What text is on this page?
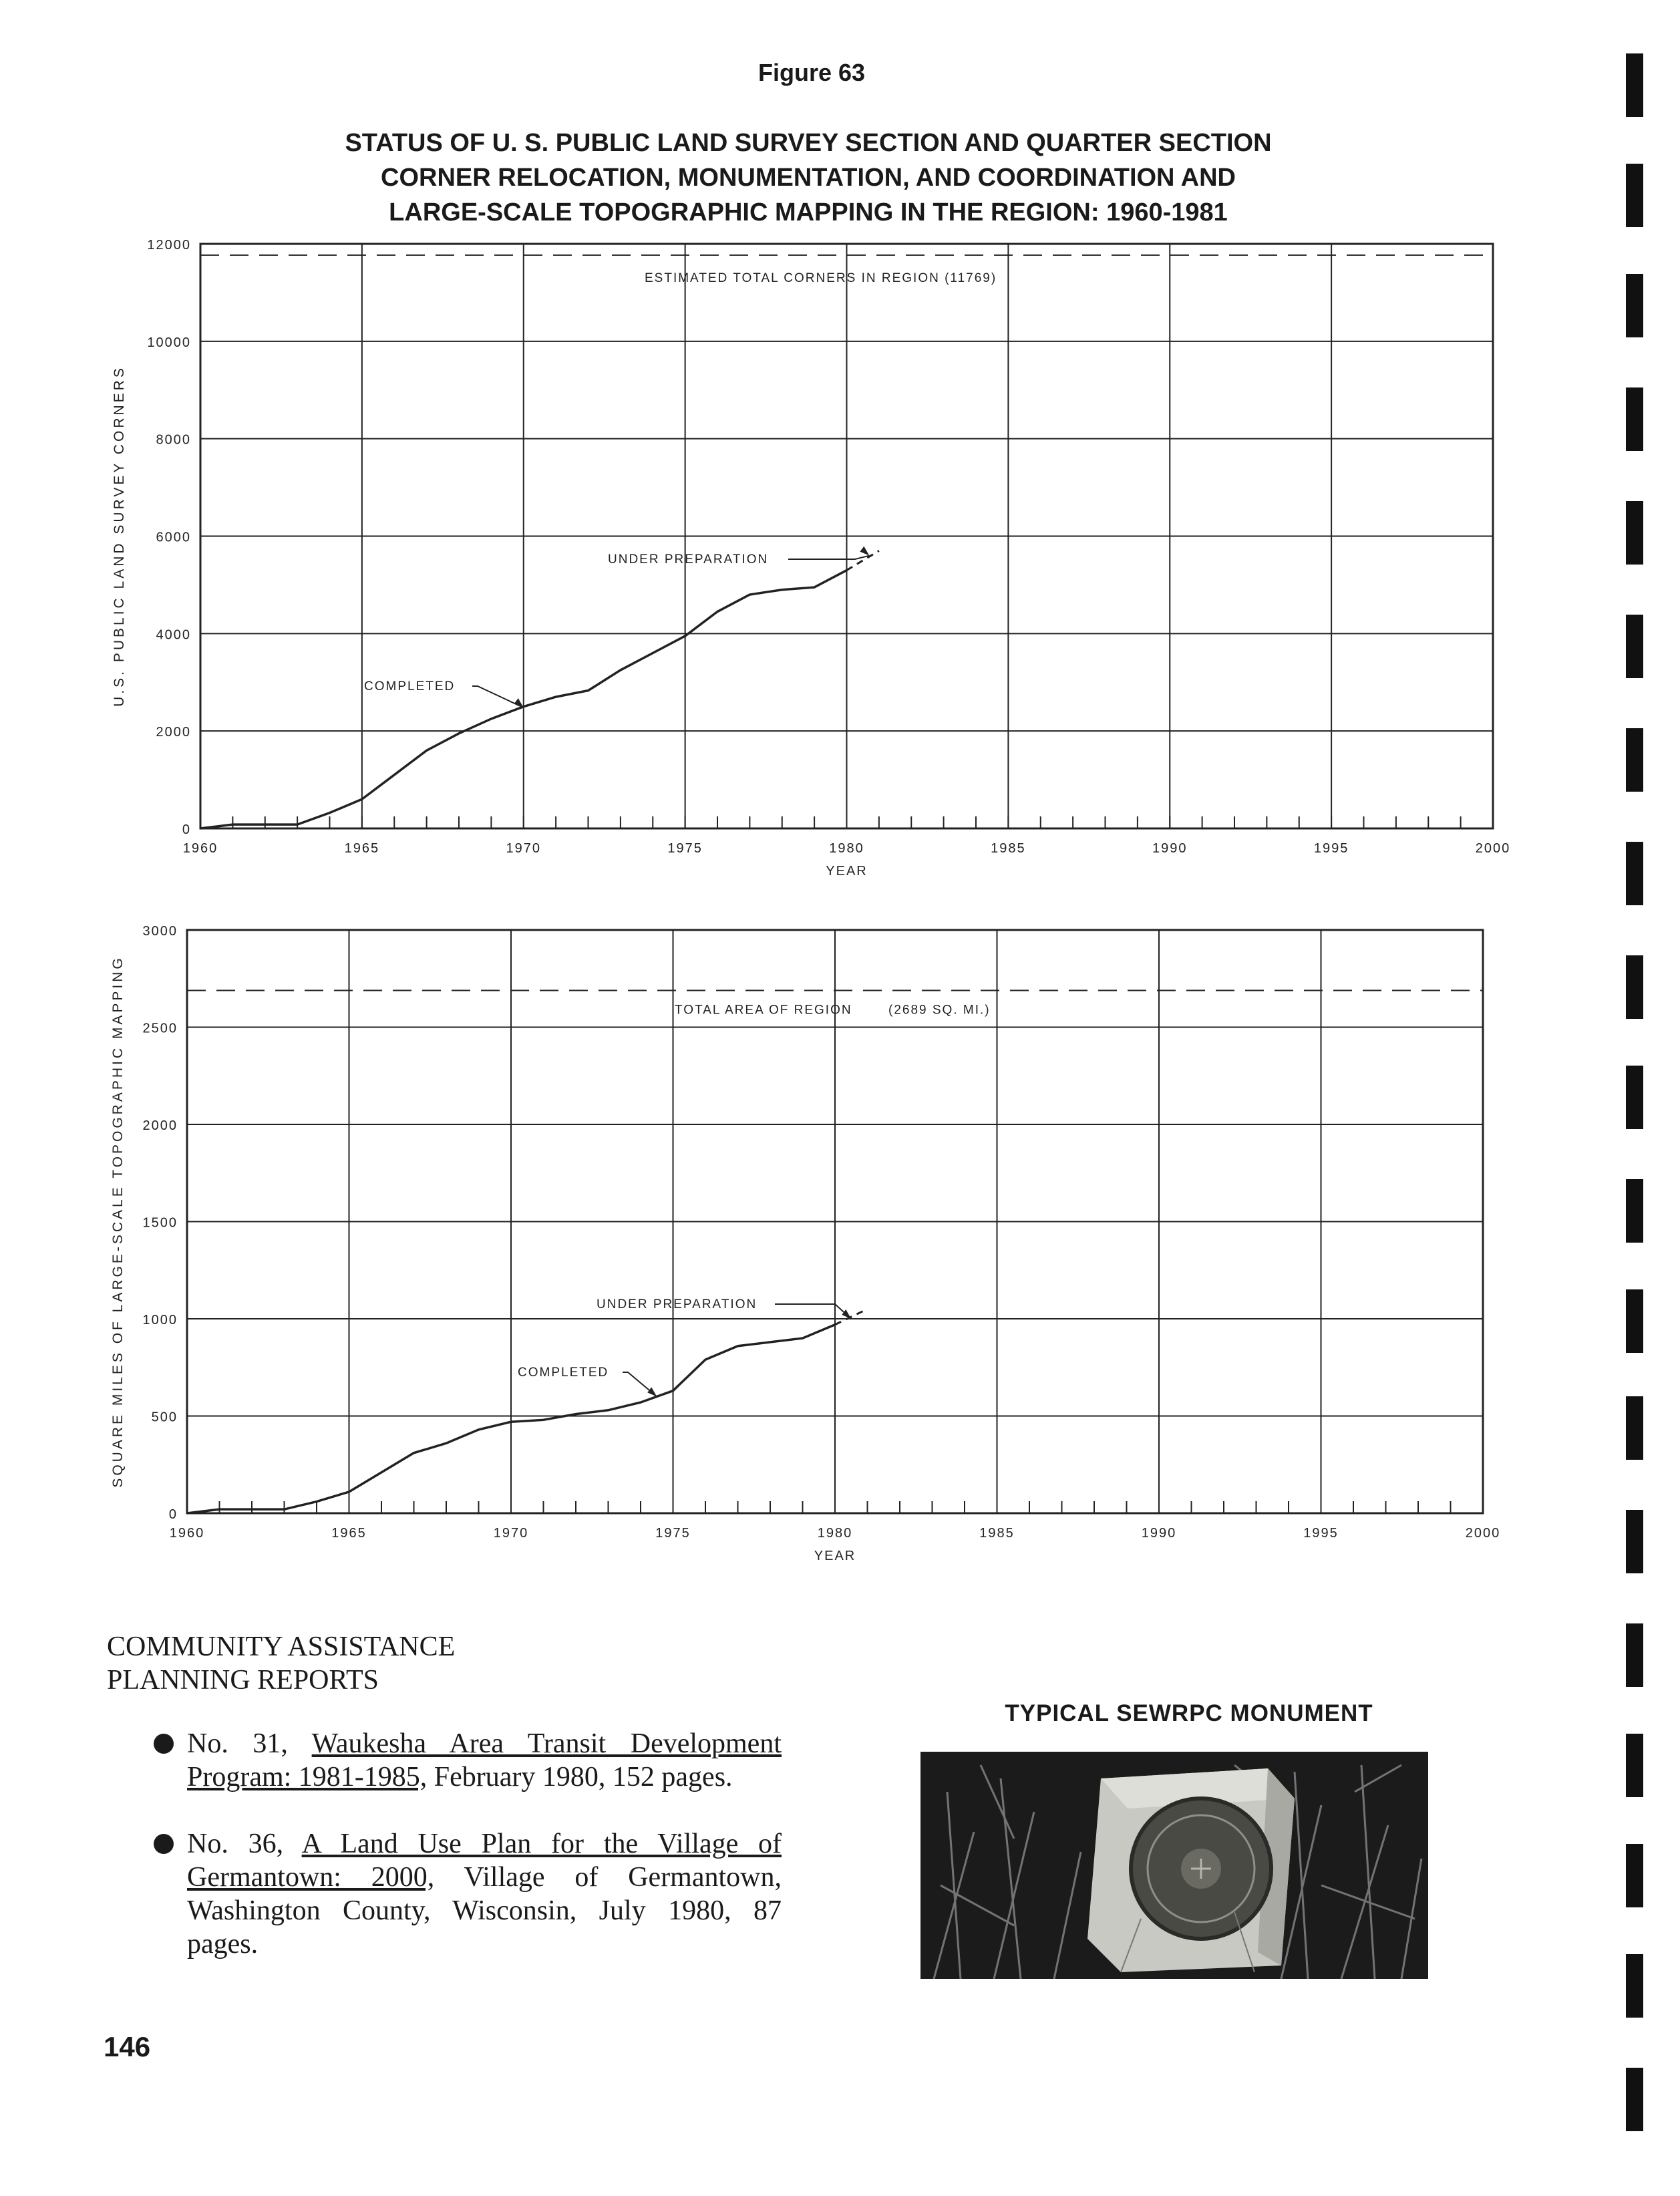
Figure 63
STATUS OF U. S. PUBLIC LAND SURVEY SECTION AND QUARTER SECTION
CORNER RELOCATION, MONUMENTATION, AND COORDINATION AND
LARGE-SCALE TOPOGRAPHIC MAPPING IN THE REGION: 1960-1981
1960	1965	1970	1975	1980	1985	1990	1995	2000
0
2000
4000
6000
8000
10000
12000
ESTIMATED TOTAL CORNERS IN REGION (11769)
COMPLETED
UNDER PREPARATION
YEAR
U.S. PUBLIC LAND SURVEY CORNERS
1960	1965	1970	1975	1980	1985	1990	1995	2000
0
500
1000
1500
2000
2500
3000
TOTAL AREA OF REGION	(2689 SQ. MI.)
COMPLETED
UNDER PREPARATION
YEAR
SQUARE MILES OF LARGE-SCALE TOPOGRAPHIC MAPPING
COMMUNITY ASSISTANCE
PLANNING REPORTS
No. 31, Waukesha Area Transit Development Program: 1981-1985, February 1980, 152 pages.
No. 36, A Land Use Plan for the Village of Germantown: 2000, Village of Germantown, Washington County, Wisconsin, July 1980, 87 pages.
TYPICAL SEWRPC MONUMENT
146
